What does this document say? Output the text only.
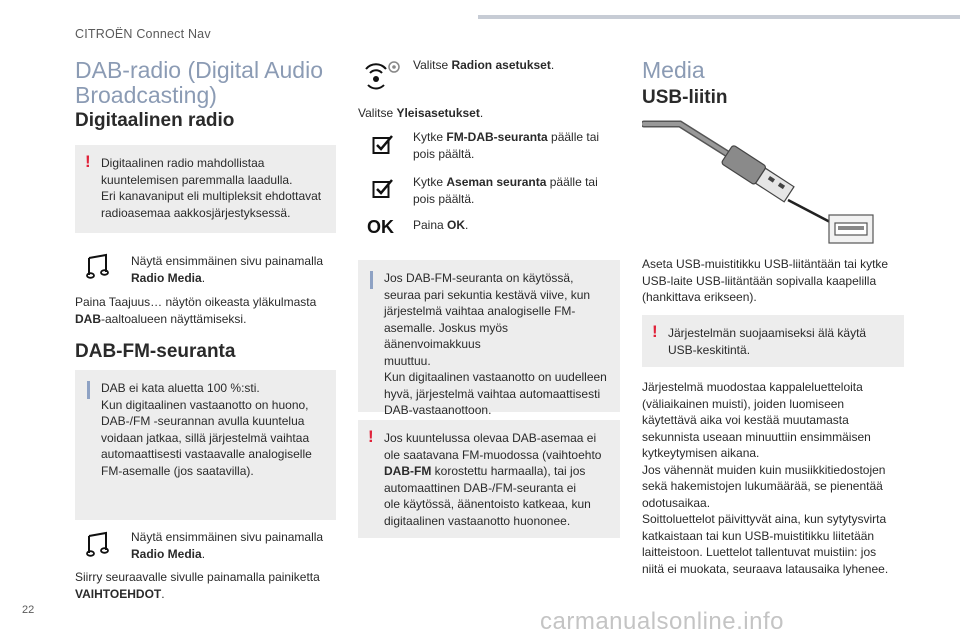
CITROËN Connect Nav
DAB-radio (Digital Audio
Broadcasting)
Digitaalinen radio
! Digitaalinen radio mahdollistaa
kuuntelemisen paremmalla laadulla.
Eri kanavaniput eli multipleksit ehdottavat
radioasemaa aakkosjärjestyksessä.
Näytä ensimmäinen sivu painamalla
Radio Media.
Paina Taajuus… näytön oikeasta yläkulmasta
DAB-aaltoalueen näyttämiseksi.
DAB-FM-seuranta
DAB ei kata aluetta 100 %:sti.
Kun digitaalinen vastaanotto on huono,
DAB-/FM -seurannan avulla kuuntelua
voidaan jatkaa, sillä järjestelmä vaihtaa
automaattisesti vastaavalle analogiselle
FM-asemalle (jos saatavilla).
Näytä ensimmäinen sivu painamalla
Radio Media.
Siirry seuraavalle sivulle painamalla painiketta
VAIHTOEHDOT.
Valitse Radion asetukset.
Valitse Yleisasetukset.
Kytke FM-DAB-seuranta päälle tai
pois päältä.
Kytke Aseman seuranta päälle tai
pois päältä.
OK Paina OK.
Jos DAB-FM-seuranta on käytössä,
seuraa pari sekuntia kestävä viive, kun
järjestelmä vaihtaa analogiselle FM-
asemalle. Joskus myös äänenvoimakkuus
muuttuu.
Kun digitaalinen vastaanotto on uudelleen
hyvä, järjestelmä vaihtaa automaattisesti
DAB-vastaanottoon.
! Jos kuuntelussa olevaa DAB-asemaa ei
ole saatavana FM-muodossa (vaihtoehto
DAB-FM korostettu harmaalla), tai jos
automaattinen DAB-/FM-seuranta ei
ole käytössä, äänentoisto katkeaa, kun
digitaalinen vastaanotto huononee.
Media
USB-liitin
Aseta USB-muistitikku USB-liitäntään tai kytke
USB-laite USB-liitäntään sopivalla kaapelilla
(hankittava erikseen).
! Järjestelmän suojaamiseksi älä käytä
USB-keskitintä.
Järjestelmä muodostaa kappaleluetteloita
(väliaikainen muisti), joiden luomiseen
käytettävä aika voi kestää muutamasta
sekunnista useaan minuuttiin ensimmäisen
kytkeytymisen aikana.
Jos vähennät muiden kuin musiikkitiedostojen
sekä hakemistojen lukumäärää, se pienentää
odotusaikaa.
Soittoluettelot päivittyvät aina, kun sytytysvirta
katkaistaan tai kun USB-muistitikku liitetään
laitteistoon. Luettelot tallentuvat muistiin: jos
niitä ei muokata, seuraava latausaika lyhenee.
22	carmanualsonline.info
